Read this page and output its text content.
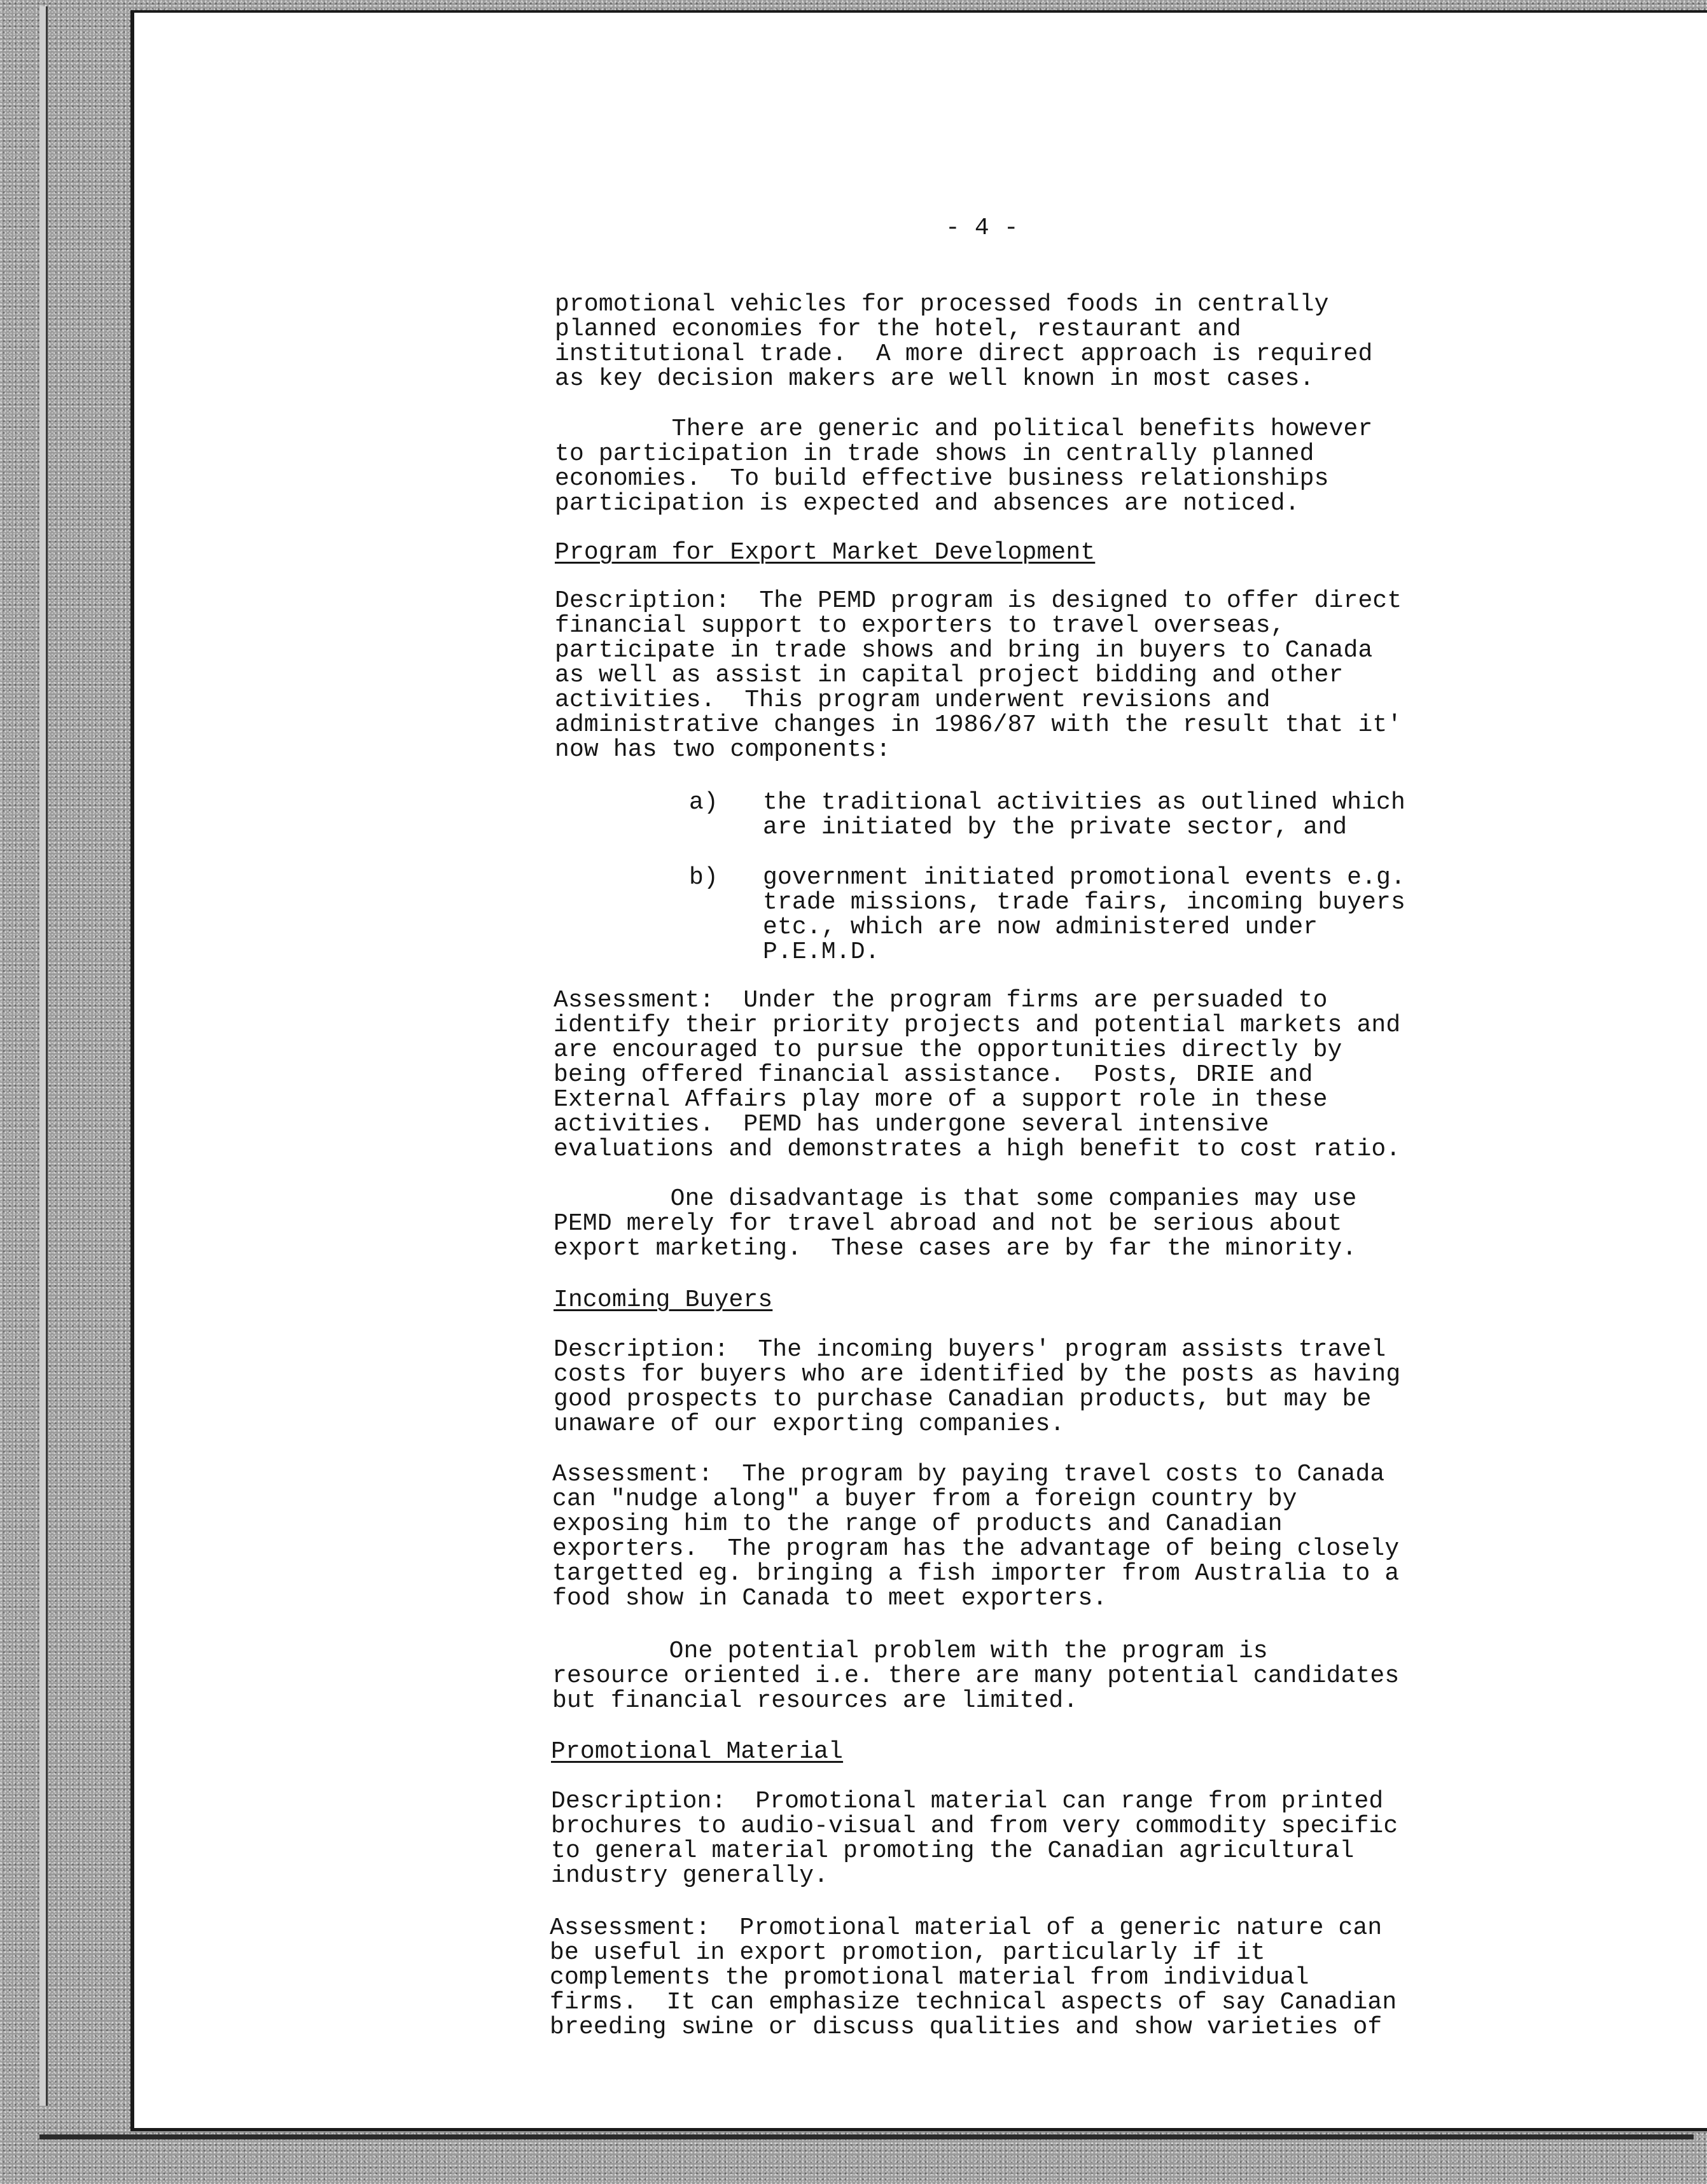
- 4 -
promotional vehicles for processed foods in centrally
planned economies for the hotel, restaurant and
institutional trade.  A more direct approach is required
as key decision makers are well known in most cases.
There are generic and political benefits however
to participation in trade shows in centrally planned
economies.  To build effective business relationships
participation is expected and absences are noticed.
Program for Export Market Development
Description:  The PEMD program is designed to offer direct
financial support to exporters to travel overseas,
participate in trade shows and bring in buyers to Canada
as well as assist in capital project bidding and other
activities.  This program underwent revisions and
administrative changes in 1986/87 with the result that it'
now has two components:
a) the traditional activities as outlined which
are initiated by the private sector, and
b) government initiated promotional events e.g.
trade missions, trade fairs, incoming buyers
etc., which are now administered under
P.E.M.D.
Assessment:  Under the program firms are persuaded to
identify their priority projects and potential markets and
are encouraged to pursue the opportunities directly by
being offered financial assistance.  Posts, DRIE and
External Affairs play more of a support role in these
activities.  PEMD has undergone several intensive
evaluations and demonstrates a high benefit to cost ratio.
One disadvantage is that some companies may use
PEMD merely for travel abroad and not be serious about
export marketing.  These cases are by far the minority.
Incoming Buyers
Description:  The incoming buyers' program assists travel
costs for buyers who are identified by the posts as having
good prospects to purchase Canadian products, but may be
unaware of our exporting companies.
Assessment:  The program by paying travel costs to Canada
can "nudge along" a buyer from a foreign country by
exposing him to the range of products and Canadian
exporters.  The program has the advantage of being closely
targetted eg. bringing a fish importer from Australia to a
food show in Canada to meet exporters.
One potential problem with the program is
resource oriented i.e. there are many potential candidates
but financial resources are limited.
Promotional Material
Description:  Promotional material can range from printed
brochures to audio-visual and from very commodity specific
to general material promoting the Canadian agricultural
industry generally.
Assessment:  Promotional material of a generic nature can
be useful in export promotion, particularly if it
complements the promotional material from individual
firms.  It can emphasize technical aspects of say Canadian
breeding swine or discuss qualities and show varieties of
